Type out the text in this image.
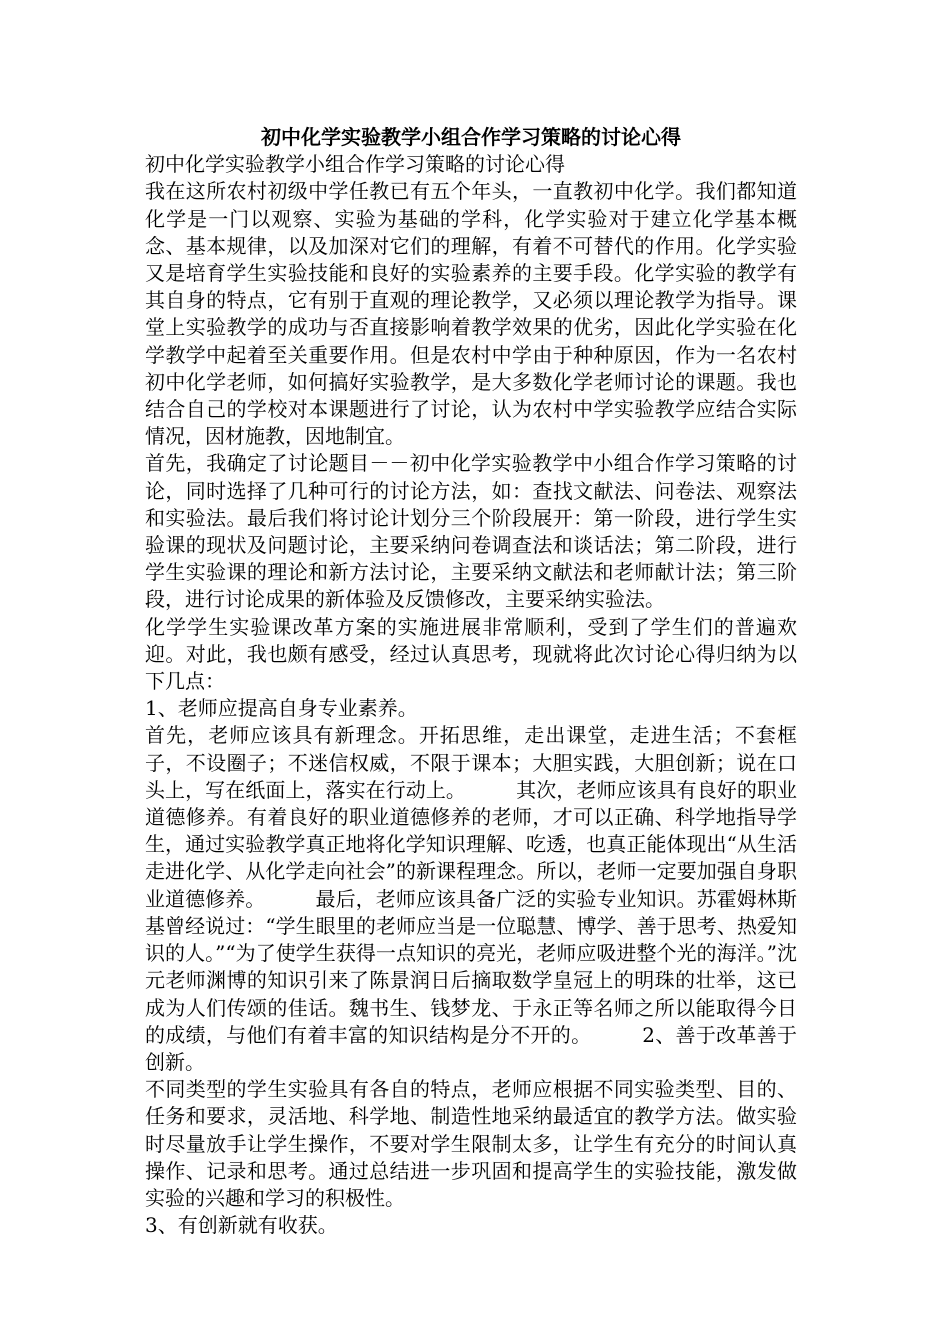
初中化学实验教学小组合作学习策略的讨论心得

初中化学实验教学小组合作学习策略的讨论心得

我在这所农村初级中学任教已有五个年头，一直教初中化学。我们都知道化学是一门以观察、实验为基础的学科，化学实验对于建立化学基本概念、基本规律，以及加深对它们的理解，有着不可替代的作用。化学实验又是培育学生实验技能和良好的实验素养的主要手段。化学实验的教学有其自身的特点，它有别于直观的理论教学，又必须以理论教学为指导。课堂上实验教学的成功与否直接影响着教学效果的优劣，因此化学实验在化学教学中起着至关重要作用。但是农村中学由于种种原因，作为一名农村初中化学老师，如何搞好实验教学，是大多数化学老师讨论的课题。我也结合自己的学校对本课题进行了讨论，认为农村中学实验教学应结合实际情况，因材施教，因地制宜。

首先，我确定了讨论题目－－初中化学实验教学中小组合作学习策略的讨论，同时选择了几种可行的讨论方法，如：查找文献法、问卷法、观察法和实验法。最后我们将讨论计划分三个阶段展开：第一阶段，进行学生实验课的现状及问题讨论，主要采纳问卷调查法和谈话法；第二阶段，进行学生实验课的理论和新方法讨论，主要采纳文献法和老师献计法；第三阶段，进行讨论成果的新体验及反馈修改，主要采纳实验法。

化学学生实验课改革方案的实施进展非常顺利，受到了学生们的普遍欢迎。对此，我也颇有感受，经过认真思考，现就将此次讨论心得归纳为以下几点：

1、老师应提高自身专业素养。

首先，老师应该具有新理念。开拓思维，走出课堂，走进生活；不套框子，不设圈子；不迷信权威，不限于课本；大胆实践，大胆创新；说在口头上，写在纸面上，落实在行动上。　　　其次，老师应该具有良好的职业道德修养。有着良好的职业道德修养的老师，才可以正确、科学地指导学生，通过实验教学真正地将化学知识理解、吃透，也真正能体现出“从生活走进化学、从化学走向社会”的新课程理念。所以，老师一定要加强自身职业道德修养。　　　最后，老师应该具备广泛的实验专业知识。苏霍姆林斯基曾经说过：“学生眼里的老师应当是一位聪慧、博学、善于思考、热爱知识的人。”“为了使学生获得一点知识的亮光，老师应吸进整个光的海洋。”沈元老师渊博的知识引来了陈景润日后摘取数学皇冠上的明珠的壮举，这已成为人们传颂的佳话。魏书生、钱梦龙、于永正等名师之所以能取得今日的成绩，与他们有着丰富的知识结构是分不开的。　　　2、善于改革善于创新。

不同类型的学生实验具有各自的特点，老师应根据不同实验类型、目的、任务和要求，灵活地、科学地、制造性地采纳最适宜的教学方法。做实验时尽量放手让学生操作，不要对学生限制太多，让学生有充分的时间认真操作、记录和思考。通过总结进一步巩固和提高学生的实验技能，激发做实验的兴趣和学习的积极性。

3、有创新就有收获。
